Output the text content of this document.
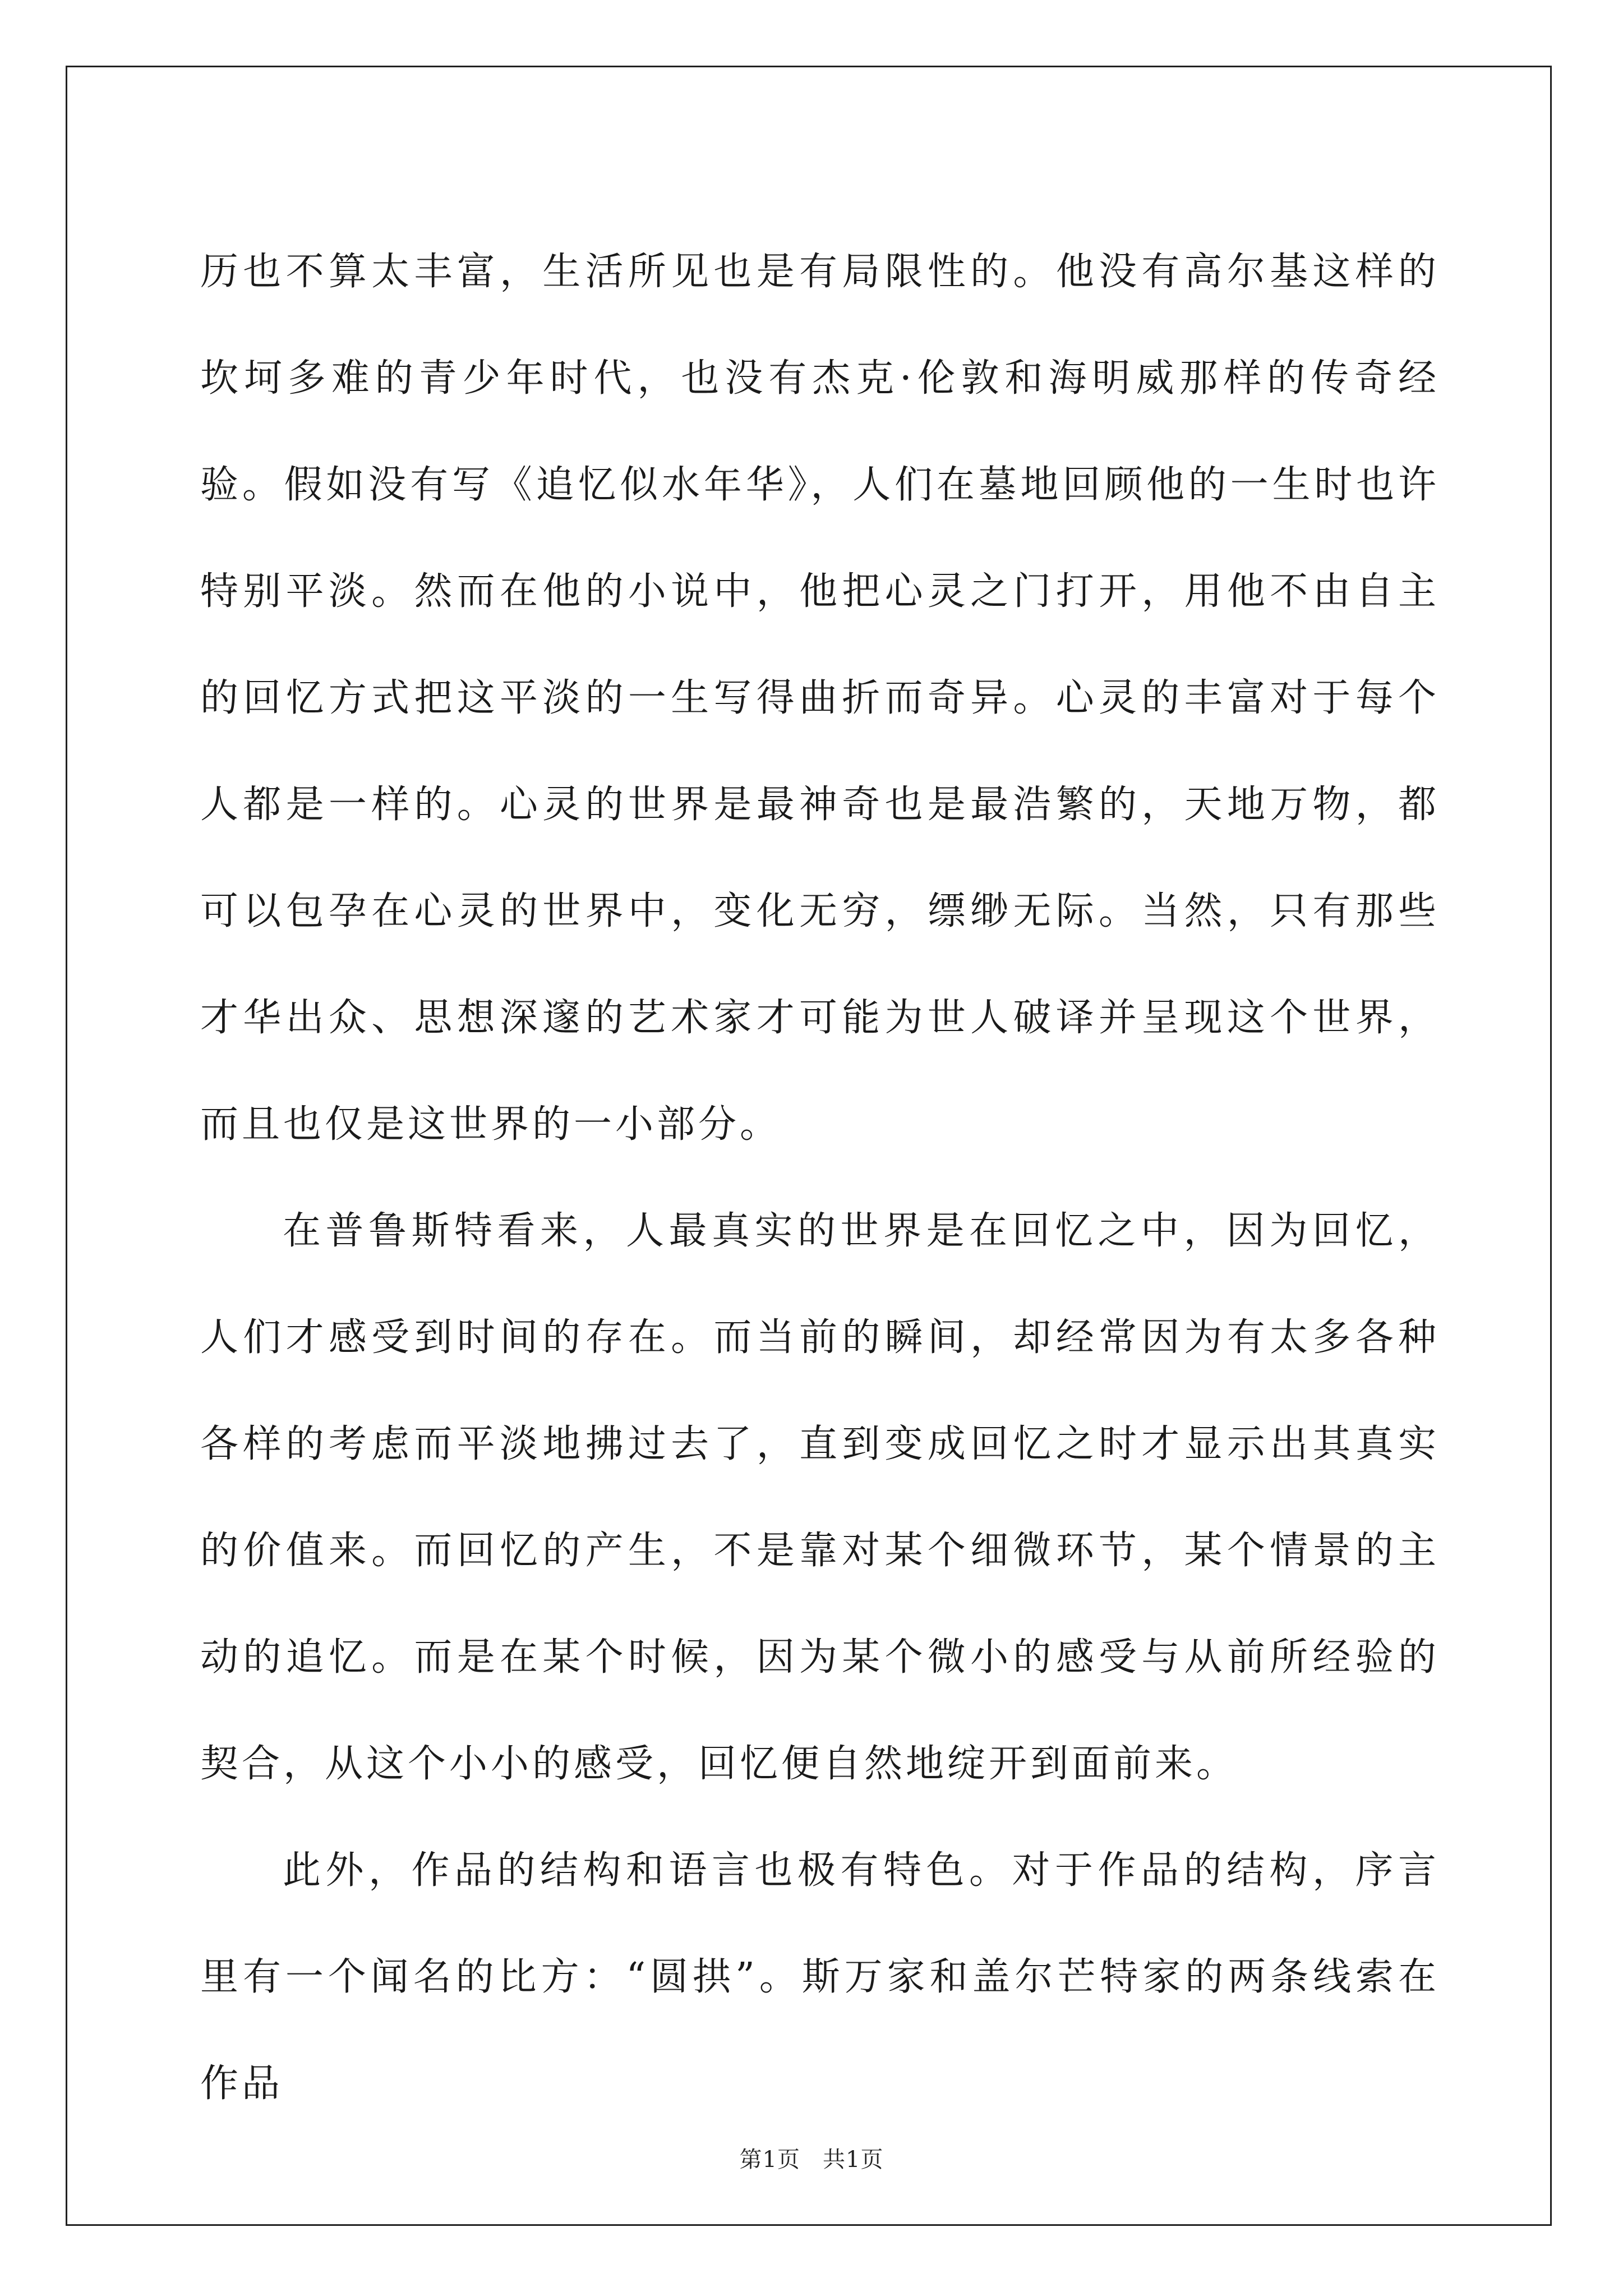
历也不算太丰富，生活所见也是有局限性的。他没有高尔基这样的坎坷多难的青少年时代，也没有杰克·伦敦和海明威那样的传奇经验。假如没有写《追忆似水年华》，人们在墓地回顾他的一生时也许特别平淡。然而在他的小说中，他把心灵之门打开，用他不由自主的回忆方式把这平淡的一生写得曲折而奇异。心灵的丰富对于每个人都是一样的。心灵的世界是最神奇也是最浩繁的，天地万物，都可以包孕在心灵的世界中，变化无穷，缥缈无际。当然，只有那些才华出众、思想深邃的艺术家才可能为世人破译并呈现这个世界，而且也仅是这世界的一小部分。

在普鲁斯特看来，人最真实的世界是在回忆之中，因为回忆，人们才感受到时间的存在。而当前的瞬间，却经常因为有太多各种各样的考虑而平淡地拂过去了，直到变成回忆之时才显示出其真实的价值来。而回忆的产生，不是靠对某个细微环节，某个情景的主动的追忆。而是在某个时候，因为某个微小的感受与从前所经验的契合，从这个小小的感受，回忆便自然地绽开到面前来。

此外，作品的结构和语言也极有特色。对于作品的结构，序言里有一个闻名的比方：“圆拱”。斯万家和盖尔芒特家的两条线索在作品

第1页 共1页
